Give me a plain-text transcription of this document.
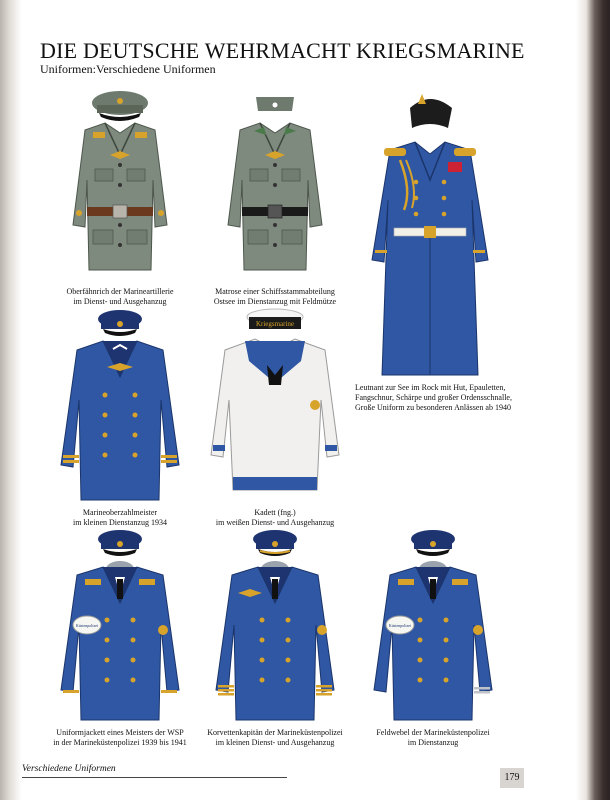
DIE DEUTSCHE WEHRMACHT KRIEGSMARINE
Uniformen:Verschiedene Uniformen
Oberfähnrich der Marineartillerie
im Dienst- und Ausgehanzug
Matrose einer Schiffsstammabteilung
Ostsee im Dienstanzug mit Feldmütze
Leutnant zur See im Rock mit Hut, Epauletten,
Fangschnur, Schärpe und großer Ordensschnalle,
Große Uniform zu besonderen Anlässen ab 1940
Marineoberzahlmeister
im kleinen Dienstanzug 1934
Kriegsmarine
Kadett (fng.)
im weißen Dienst- und Ausgehanzug
Küstenpolizei
Uniformjackett eines Meisters der WSP
in der Marineküstenpolizei 1939 bis 1941
Korvettenkapitän der Marineküstenpolizei
im kleinen Dienst- und Ausgehanzug
Küstenpolizei
Feldwebel der Marineküstenpolizei
im Dienstanzug
Verschiedene Uniformen
179
